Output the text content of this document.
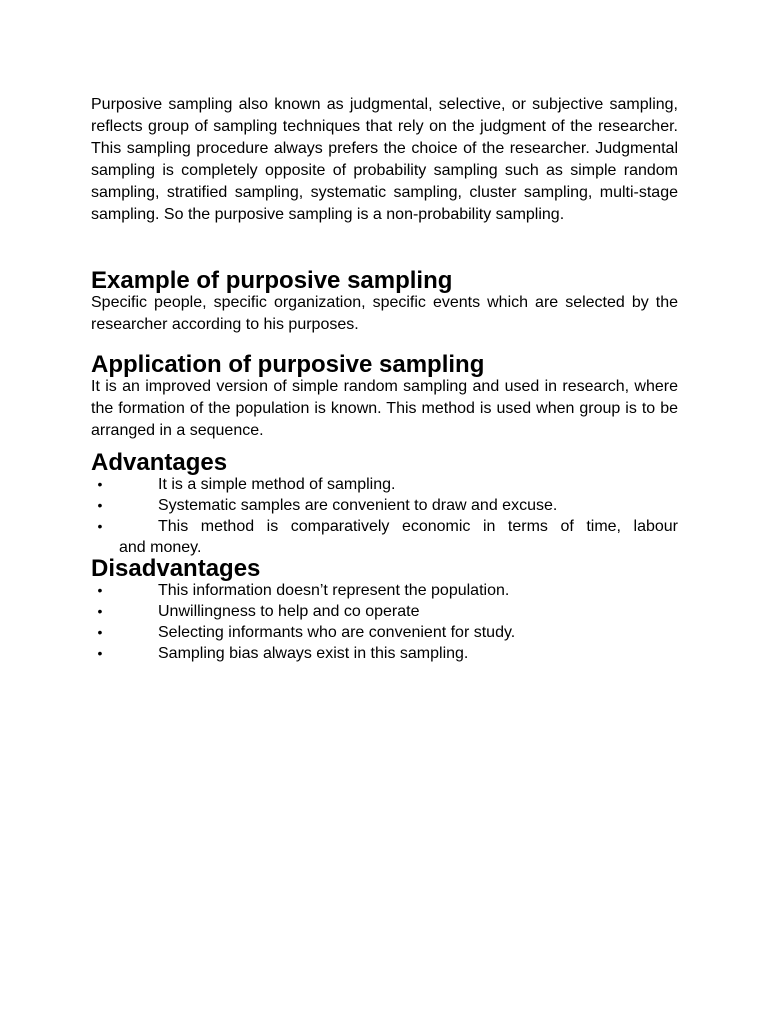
Purposive sampling also known as judgmental, selective, or subjective sampling, reflects group of sampling techniques that rely on the judgment of the researcher. This sampling procedure always prefers the choice of the researcher. Judgmental sampling is completely opposite of probability sampling such as simple random sampling, stratified sampling, systematic sampling, cluster sampling, multi-stage sampling. So the purposive sampling is a non-probability sampling.

Example of purposive sampling

Specific people, specific organization, specific events which are selected by the researcher according to his purposes.

Application of purposive sampling

It is an improved version of simple random sampling and used in research, where the formation of the population is known. This method is used when group is to be arranged in a sequence.

Advantages
•	It is a simple method of sampling.
•	Systematic samples are convenient to draw and excuse.
•	This method is comparatively economic in terms of time, labour
and money.
Disadvantages
•	This information doesn’t represent the population.
•	Unwillingness to help and co operate
•	Selecting informants who are convenient for study.
•	Sampling bias always exist in this sampling.
